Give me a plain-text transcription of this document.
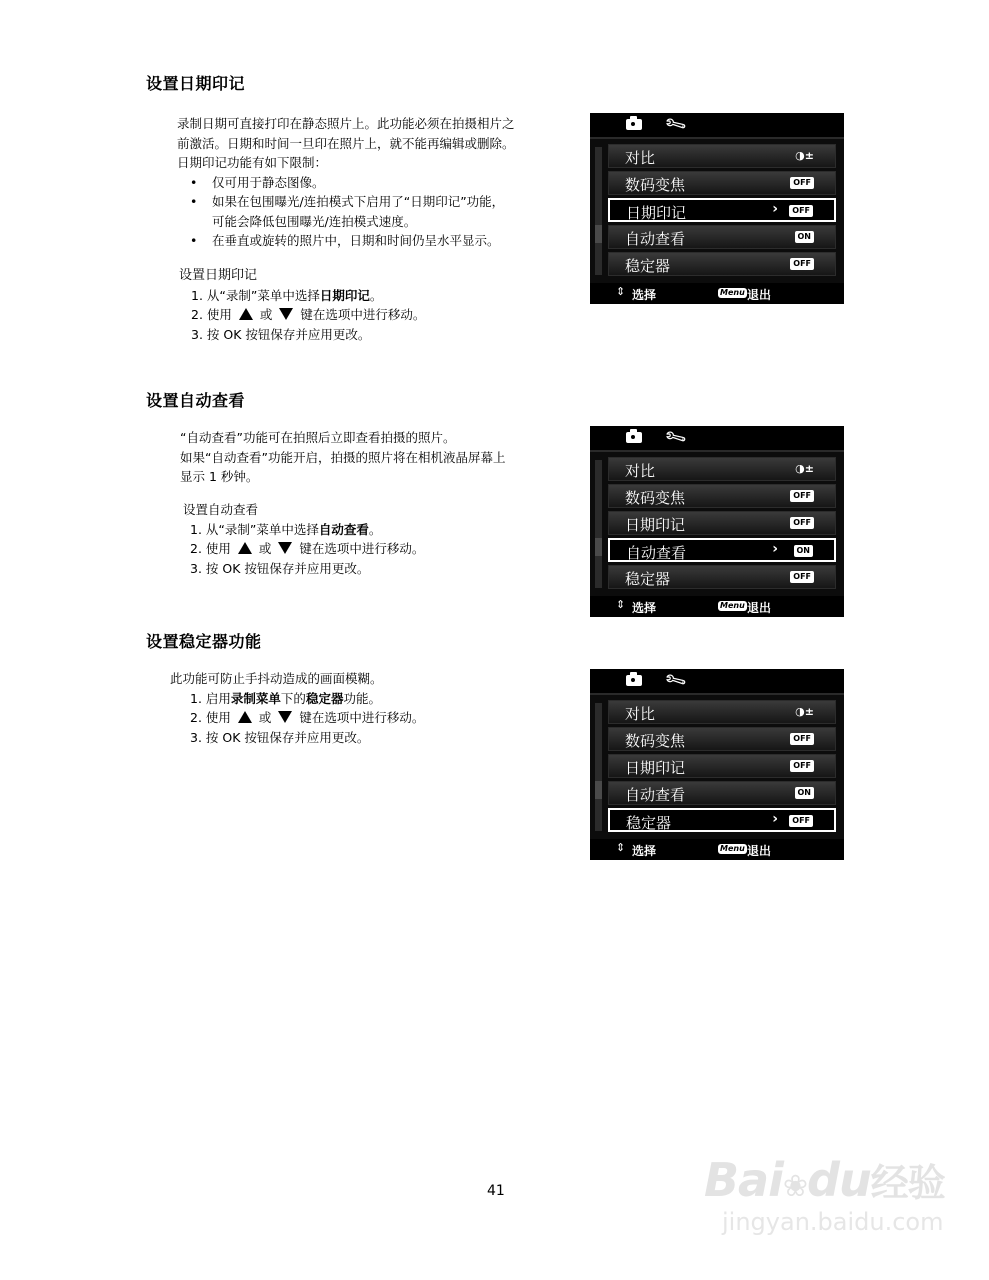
设置日期印记
录制日期可直接打印在静态照片上。此功能必须在拍摄相片之
前激活。日期和时间一旦印在照片上，就不能再编辑或删除。
日期印记功能有如下限制：
• 仅可用于静态图像。
• 如果在包围曝光/连拍模式下启用了“日期印记”功能，
可能会降低包围曝光/连拍模式速度。
• 在垂直或旋转的照片中，日期和时间仍呈水平显示。
设置日期印记
1. 从“录制”菜单中选择日期印记。
2. 使用 或 键在选项中进行移动。
3. 按 OK 按钮保存并应用更改。
设置自动查看
“自动查看”功能可在拍照后立即查看拍摄的照片。
如果“自动查看”功能开启，拍摄的照片将在相机液晶屏幕上
显示 1 秒钟。
设置自动查看
1. 从“录制”菜单中选择自动查看。
2. 使用 或 键在选项中进行移动。
3. 按 OK 按钮保存并应用更改。
设置稳定器功能
此功能可防止手抖动造成的画面模糊。
1. 启用录制菜单下的稳定器功能。
2. 使用 或 键在选项中进行移动。
3. 按 OK 按钮保存并应用更改。
🔧︎
对比	◑±
数码变焦	OFF
日期印记	›	OFF
自动查看	ON
稳定器	OFF
⇕ 选择	Menu 退出
🔧︎
对比	◑±
数码变焦	OFF
日期印记	OFF
自动查看	›	ON
稳定器	OFF
⇕ 选择	Menu 退出
🔧︎
对比	◑±
数码变焦	OFF
日期印记	OFF
自动查看	ON
稳定器	›	OFF
⇕ 选择	Menu 退出
41	Bai❀du经验
jingyan.baidu.com
